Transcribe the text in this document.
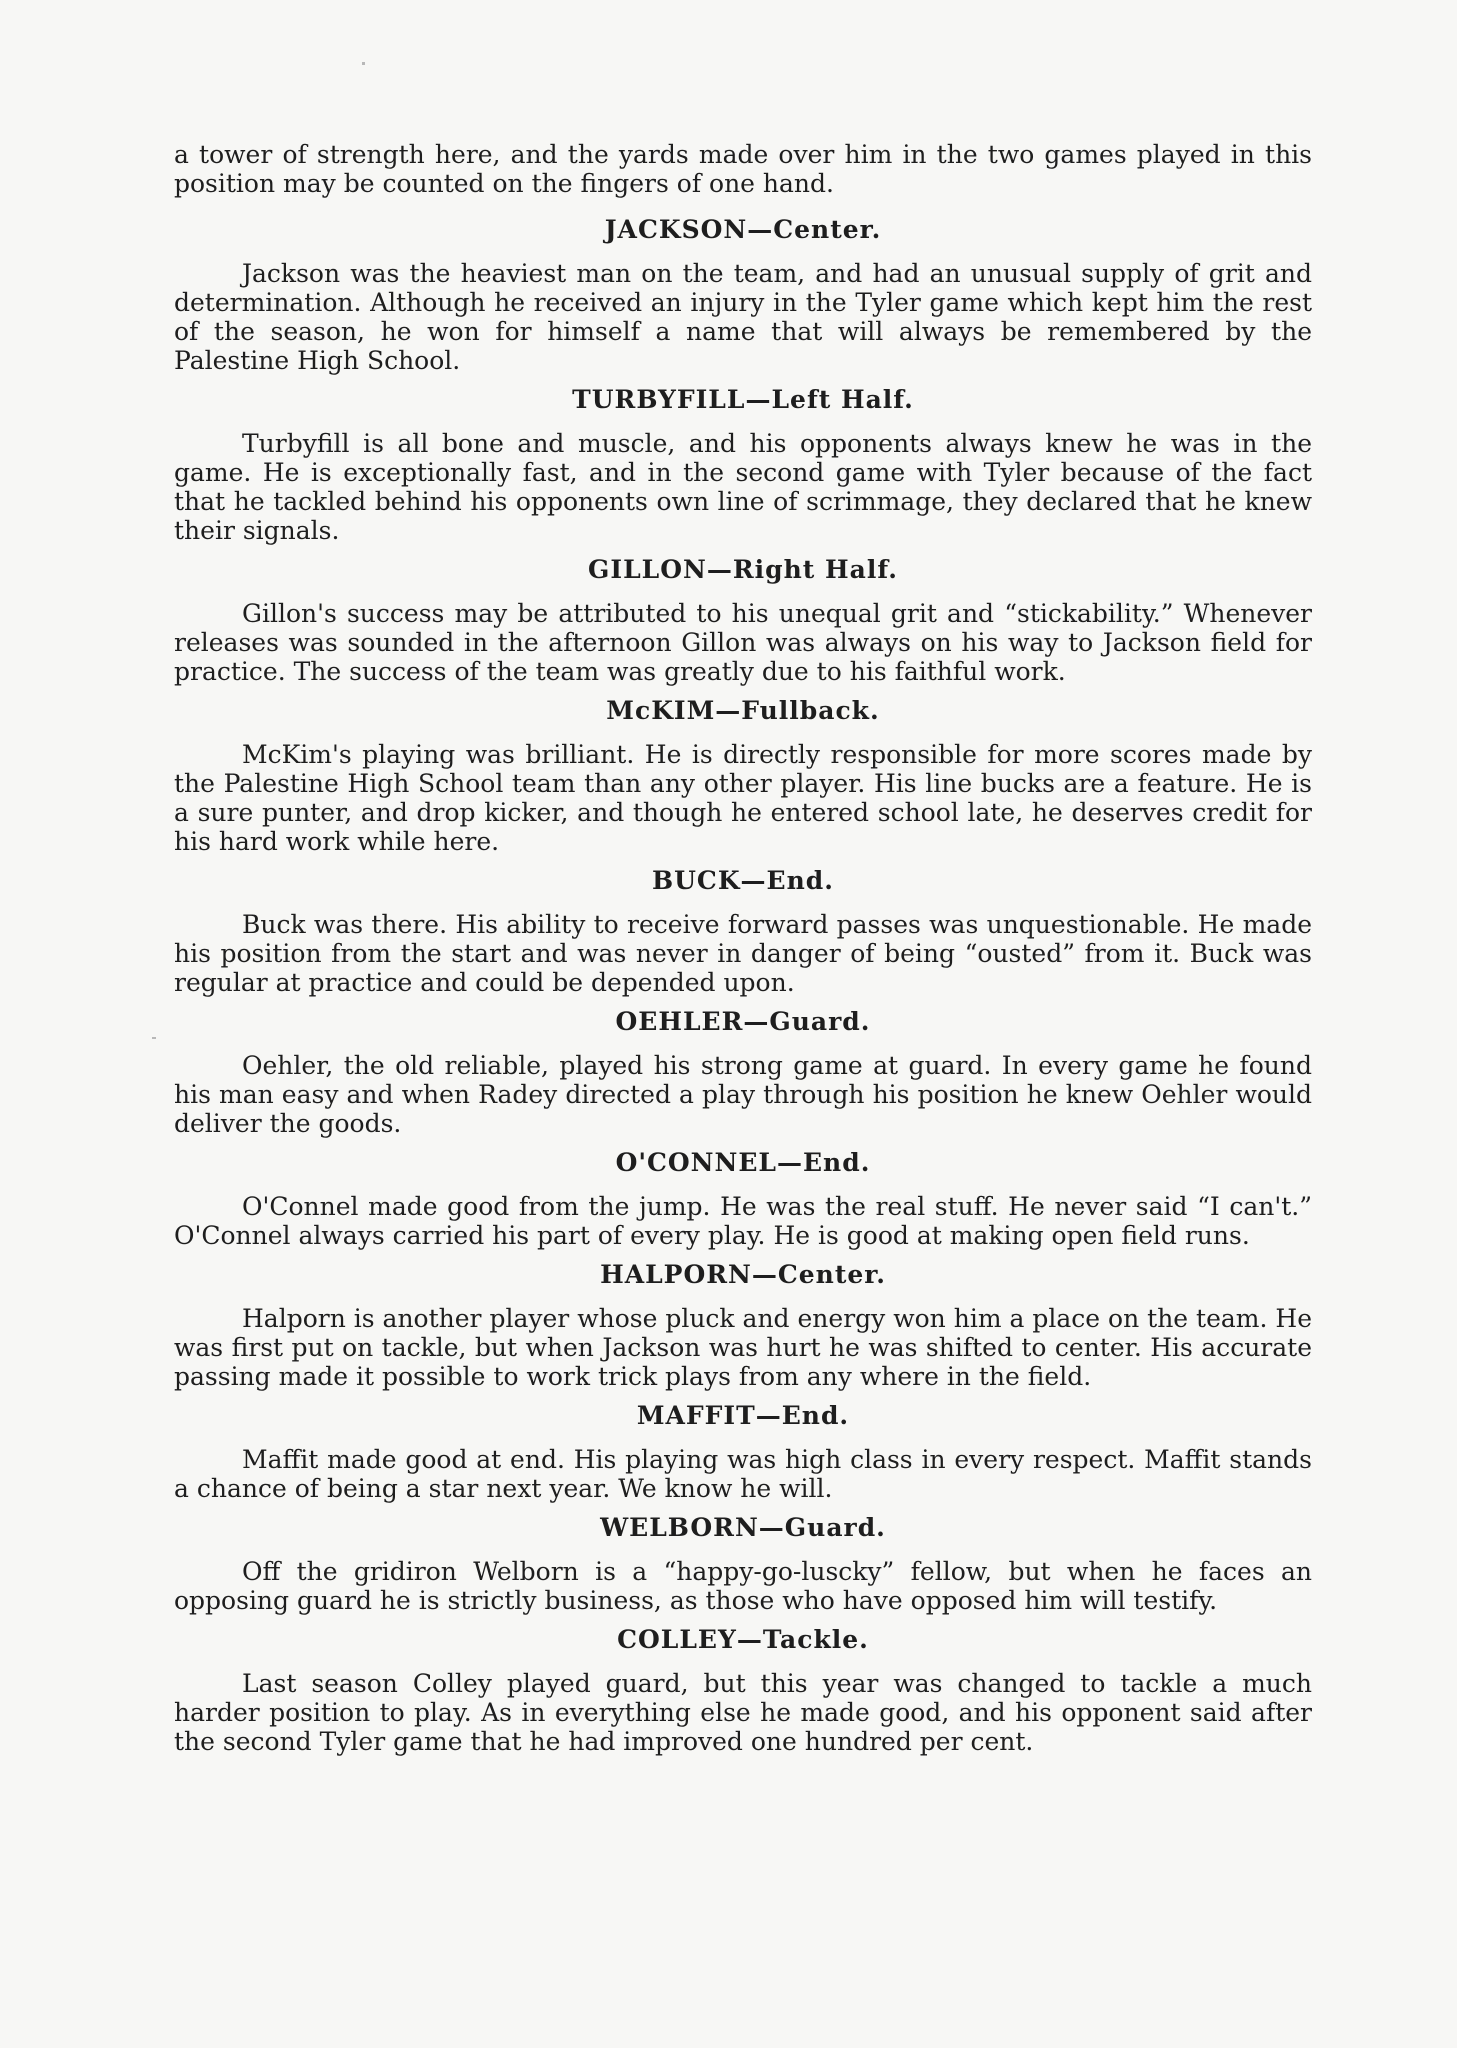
a tower of strength here, and the yards made over him in the two games played in this position may be counted on the fingers of one hand.

JACKSON—Center.

Jackson was the heaviest man on the team, and had an unusual supply of grit and determination. Although he received an injury in the Tyler game which kept him the rest of the season, he won for himself a name that will always be remembered by the Palestine High School.

TURBYFILL—Left Half.

Turbyfill is all bone and muscle, and his opponents always knew he was in the game. He is exceptionally fast, and in the second game with Tyler because of the fact that he tackled behind his opponents own line of scrimmage, they declared that he knew their signals.

GILLON—Right Half.

Gillon's success may be attributed to his unequal grit and “stickability.” Whenever releases was sounded in the afternoon Gillon was always on his way to Jackson field for practice. The success of the team was greatly due to his faithful work.

McKIM—Fullback.

McKim's playing was brilliant. He is directly responsible for more scores made by the Palestine High School team than any other player. His line bucks are a feature. He is a sure punter, and drop kicker, and though he entered school late, he deserves credit for his hard work while here.

BUCK—End.

Buck was there. His ability to receive forward passes was unquestionable. He made his position from the start and was never in danger of being “ousted” from it. Buck was regular at practice and could be depended upon.

OEHLER—Guard.

Oehler, the old reliable, played his strong game at guard. In every game he found his man easy and when Radey directed a play through his position he knew Oehler would deliver the goods.

O'CONNEL—End.

O'Connel made good from the jump. He was the real stuff. He never said “I can't.” O'Connel always carried his part of every play. He is good at making open field runs.

HALPORN—Center.

Halporn is another player whose pluck and energy won him a place on the team. He was first put on tackle, but when Jackson was hurt he was shifted to center. His accurate passing made it possible to work trick plays from any where in the field.

MAFFIT—End.

Maffit made good at end. His playing was high class in every respect. Maffit stands a chance of being a star next year. We know he will.

WELBORN—Guard.

Off the gridiron Welborn is a “happy-go-luscky” fellow, but when he faces an opposing guard he is strictly business, as those who have opposed him will testify.

COLLEY—Tackle.

Last season Colley played guard, but this year was changed to tackle a much harder position to play. As in everything else he made good, and his opponent said after the second Tyler game that he had improved one hundred per cent.
